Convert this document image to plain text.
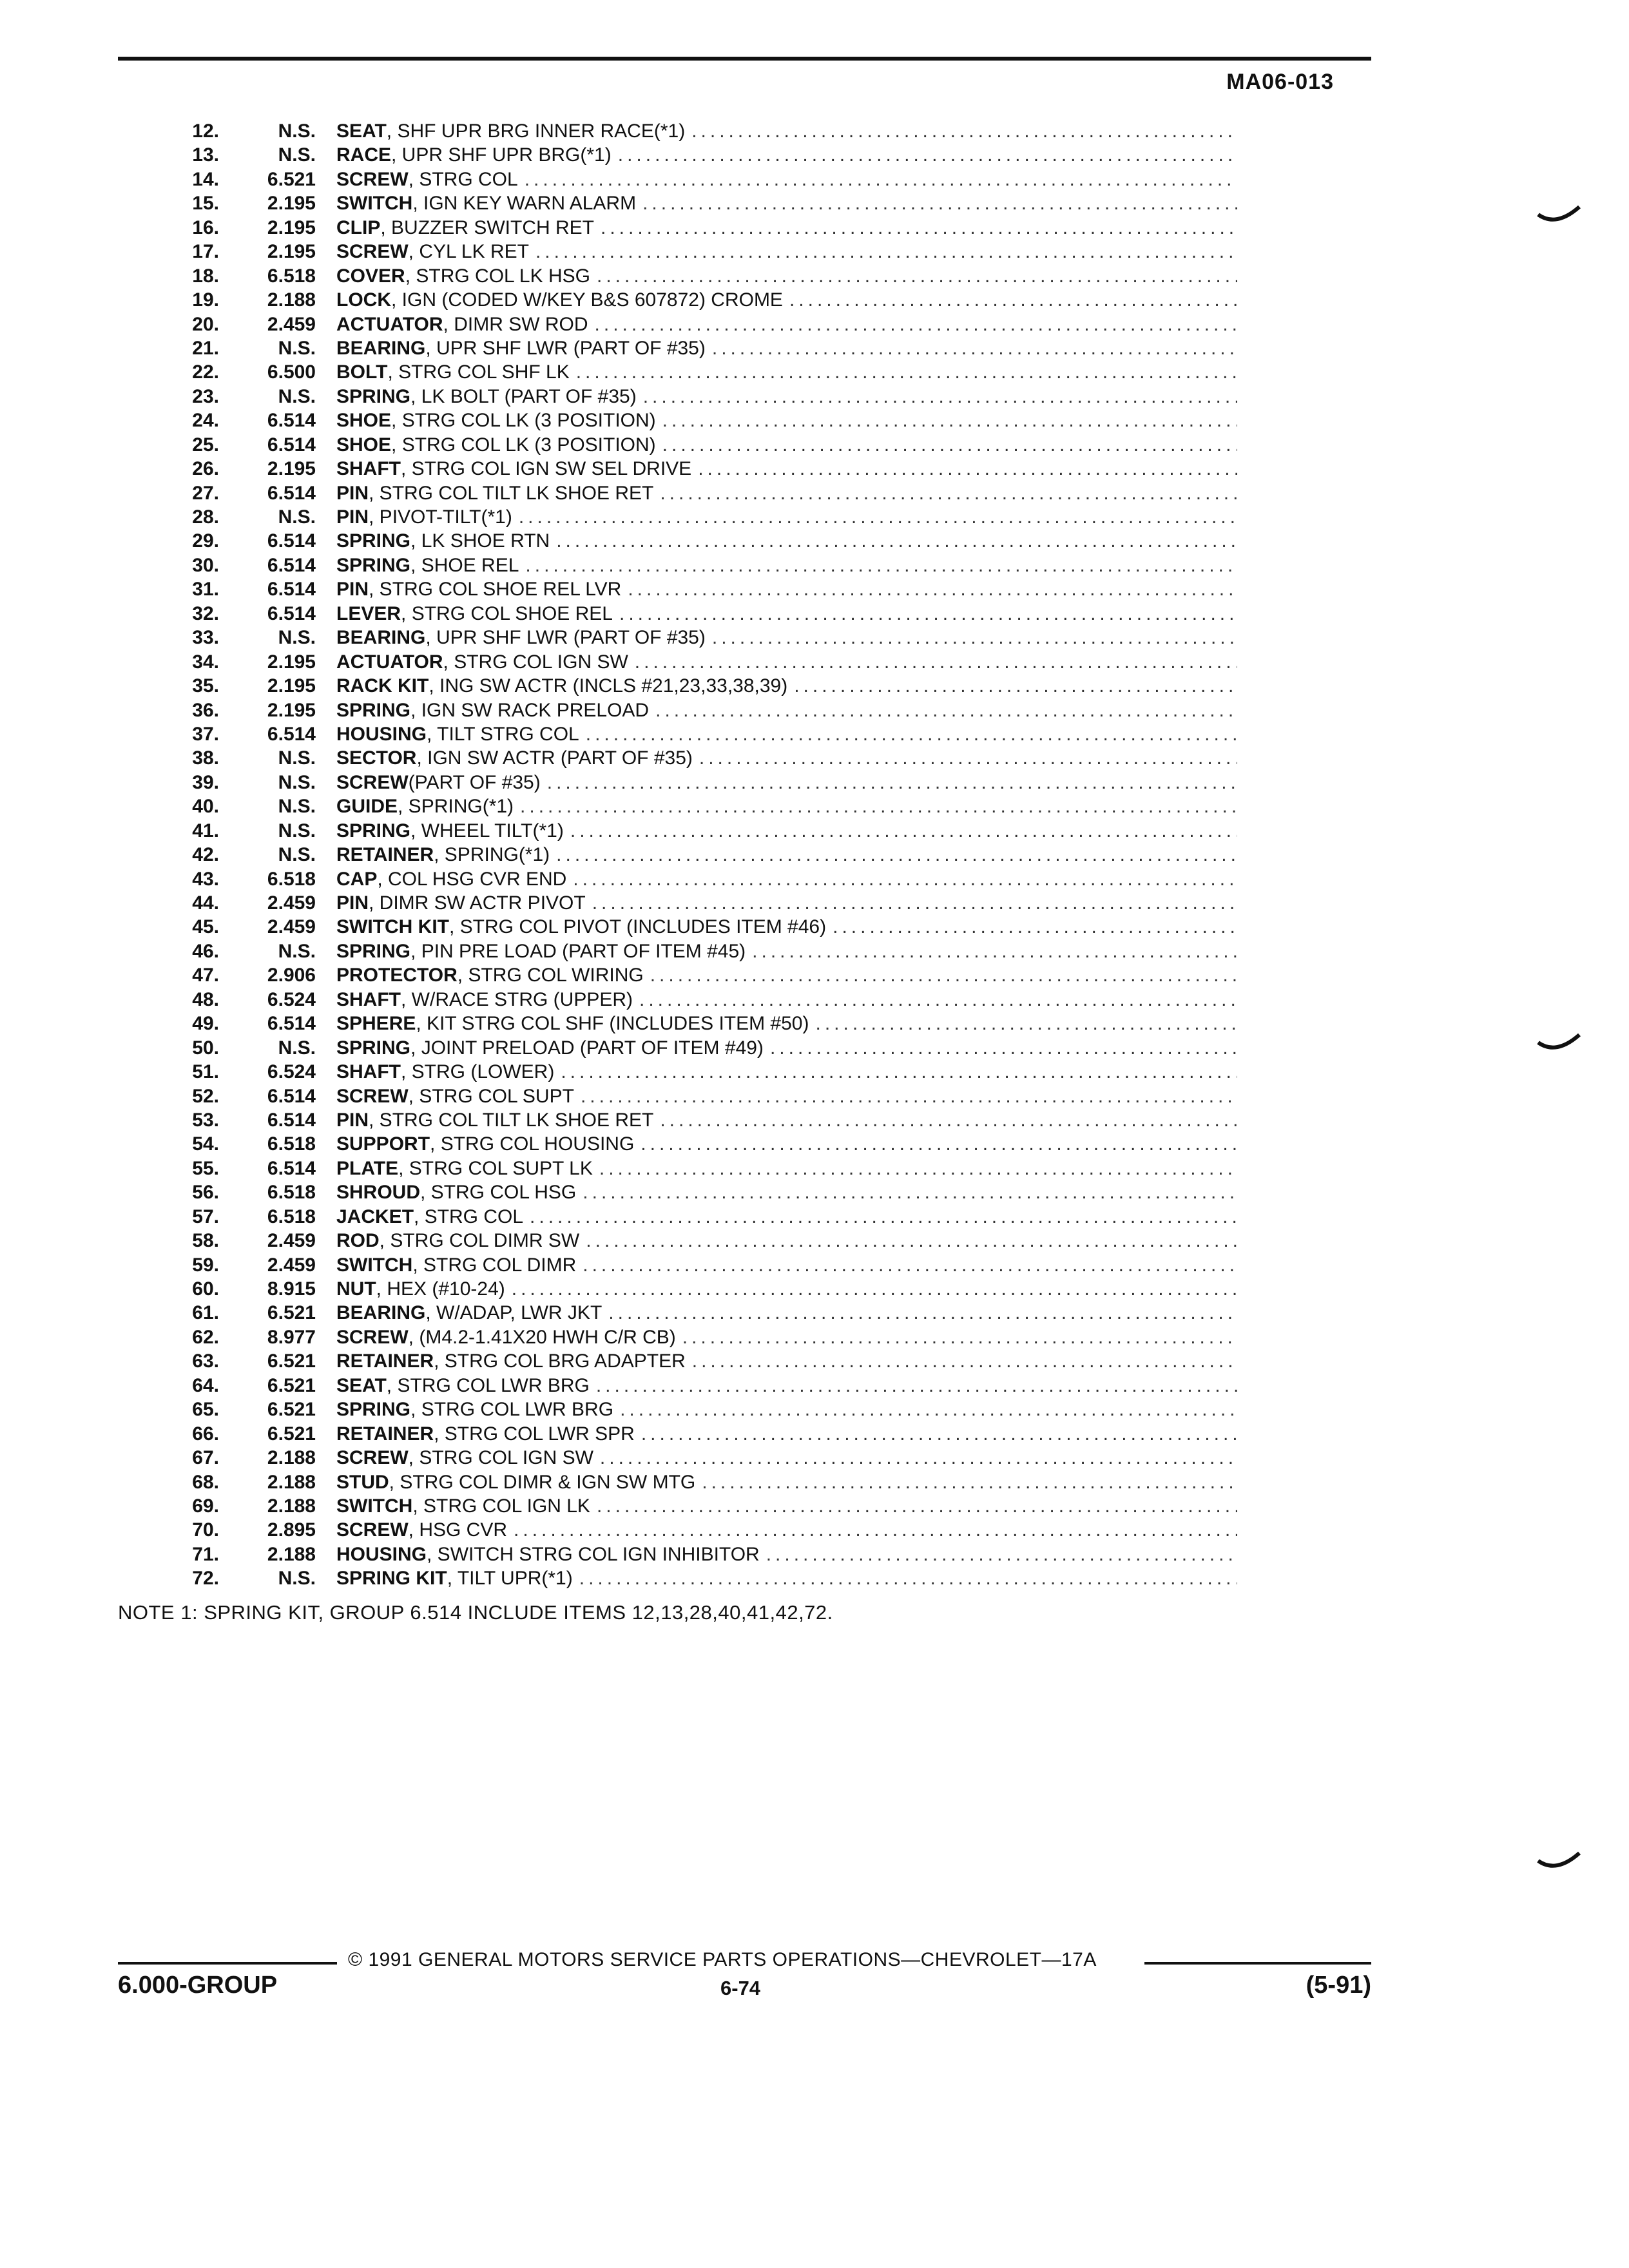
MA06-013
12.	N.S. SEAT , SHF UPR BRG INNER RACE(*1)
.....
13.	N.S. RACE , UPR SHF UPR BRG(*1)
.....
14.	6.521 SCREW , STRG COL
.....
15.	2.195 SWITCH , IGN KEY WARN ALARM
.....
16.	2.195 CLIP , BUZZER SWITCH RET
.....
17.	2.195 SCREW , CYL LK RET
.....
18.	6.518 COVER , STRG COL LK HSG
.....
19.	2.188 LOCK , IGN (CODED W/KEY B&S 607872) CROME
.....
20.	2.459 ACTUATOR , DIMR SW ROD
.....
21.	N.S. BEARING , UPR SHF LWR (PART OF #35)
.....
22.	6.500 BOLT , STRG COL SHF LK
.....
23.	N.S. SPRING , LK BOLT (PART OF #35)
.....
24.	6.514 SHOE , STRG COL LK (3 POSITION)
.....
25.	6.514 SHOE , STRG COL LK (3 POSITION)
.....
26.	2.195 SHAFT , STRG COL IGN SW SEL DRIVE
.....
27.	6.514 PIN , STRG COL TILT LK SHOE RET
.....
28.	N.S. PIN , PIVOT-TILT(*1)
.....
29.	6.514 SPRING , LK SHOE RTN
.....
30.	6.514 SPRING , SHOE REL
.....
31.	6.514 PIN , STRG COL SHOE REL LVR
.....
32.	6.514 LEVER , STRG COL SHOE REL
.....
33.	N.S. BEARING , UPR SHF LWR (PART OF #35)
.....
34.	2.195 ACTUATOR , STRG COL IGN SW
.....
35.	2.195 RACK KIT , ING SW ACTR (INCLS #21,23,33,38,39)
.....
36.	2.195 SPRING , IGN SW RACK PRELOAD
.....
37.	6.514 HOUSING , TILT STRG COL
.....
38.	N.S. SECTOR , IGN SW ACTR (PART OF #35)
.....
39.	N.S. SCREW (PART OF #35)
.....
40.	N.S. GUIDE , SPRING(*1)
.....
41.	N.S. SPRING , WHEEL TILT(*1)
.....
42.	N.S. RETAINER , SPRING(*1)
.....
43.	6.518 CAP , COL HSG CVR END
.....
44.	2.459 PIN , DIMR SW ACTR PIVOT
.....
45.	2.459 SWITCH KIT , STRG COL PIVOT (INCLUDES ITEM #46)
.....
46.	N.S. SPRING , PIN PRE LOAD (PART OF ITEM #45)
.....
47.	2.906 PROTECTOR , STRG COL WIRING
.....
48.	6.524 SHAFT , W/RACE STRG (UPPER)
.....
49.	6.514 SPHERE , KIT STRG COL SHF (INCLUDES ITEM #50)
.....
50.	N.S. SPRING , JOINT PRELOAD (PART OF ITEM #49)
.....
51.	6.524 SHAFT , STRG (LOWER)
.....
52.	6.514 SCREW , STRG COL SUPT
.....
53.	6.514 PIN , STRG COL TILT LK SHOE RET
.....
54.	6.518 SUPPORT , STRG COL HOUSING
.....
55.	6.514 PLATE , STRG COL SUPT LK
.....
56.	6.518 SHROUD , STRG COL HSG
.....
57.	6.518 JACKET , STRG COL
.....
58.	2.459 ROD , STRG COL DIMR SW
.....
59.	2.459 SWITCH , STRG COL DIMR
.....
60.	8.915 NUT , HEX (#10-24)
.....
61.	6.521 BEARING , W/ADAP, LWR JKT
.....
62.	8.977 SCREW , (M4.2-1.41X20 HWH C/R CB)
.....
63.	6.521 RETAINER , STRG COL BRG ADAPTER
.....
64.	6.521 SEAT , STRG COL LWR BRG
.....
65.	6.521 SPRING , STRG COL LWR BRG
.....
66.	6.521 RETAINER , STRG COL LWR SPR
.....
67.	2.188 SCREW , STRG COL IGN SW
.....
68.	2.188 STUD , STRG COL DIMR & IGN SW MTG
.....
69.	2.188 SWITCH , STRG COL IGN LK
.....
70.	2.895 SCREW , HSG CVR
.....
71.	2.188 HOUSING , SWITCH STRG COL IGN INHIBITOR
.....
72.	N.S. SPRING KIT , TILT UPR(*1)
.....
NOTE 1: SPRING KIT, GROUP 6.514 INCLUDE ITEMS 12,13,28,40,41,42,72.
© 1991 GENERAL MOTORS SERVICE PARTS OPERATIONS—CHEVROLET—17A
6.000-GROUP	6-74	(5-91)
